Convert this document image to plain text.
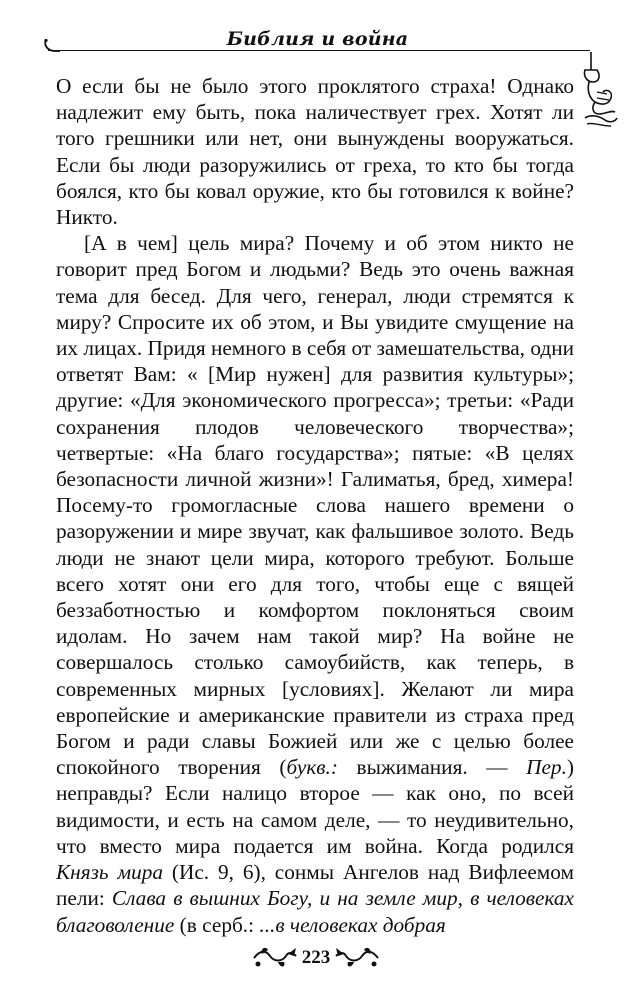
Библия и война

О если бы не было этого проклятого страха! Однако надлежит ему быть, пока наличествует грех. Хотят ли того грешники или нет, они вынуждены вооружаться. Если бы люди разоружились от греха, то кто бы тогда боялся, кто бы ковал оружие, кто бы готовился к войне? Никто.

[А в чем] цель мира? Почему и об этом никто не говорит пред Богом и людьми? Ведь это очень важная тема для бесед. Для чего, генерал, люди стремятся к миру? Спросите их об этом, и Вы увидите смущение на их лицах. Придя немного в себя от замешательства, одни ответят Вам: « [Мир нужен] для развития культуры»; другие: «Для экономического прогресса»; третьи: «Ради сохранения плодов человеческого творчества»; четвертые: «На благо государства»; пятые: «В целях безопасности личной жизни»! Галиматья, бред, химера! Посему-то громогласные слова нашего времени о разоружении и мире звучат, как фальшивое золото. Ведь люди не знают цели мира, которого требуют. Больше всего хотят они его для того, чтобы еще с вящей беззаботностью и комфортом поклоняться своим идолам. Но зачем нам такой мир? На войне не совершалось столько самоубийств, как теперь, в современных мирных [условиях]. Желают ли мира европейские и американские правители из страха пред Богом и ради славы Божией или же с целью более спокойного творения (букв.: выжимания. — Пер.) неправды? Если налицо второе — как оно, по всей видимости, и есть на самом деле, — то неудивительно, что вместо мира подается им война. Когда родился Князь мира (Ис. 9, 6), сонмы Ангелов над Вифлеемом пели: Слава в вышних Богу, и на земле мир, в человеках благоволение (в серб.: ...в человеках добрая

223
